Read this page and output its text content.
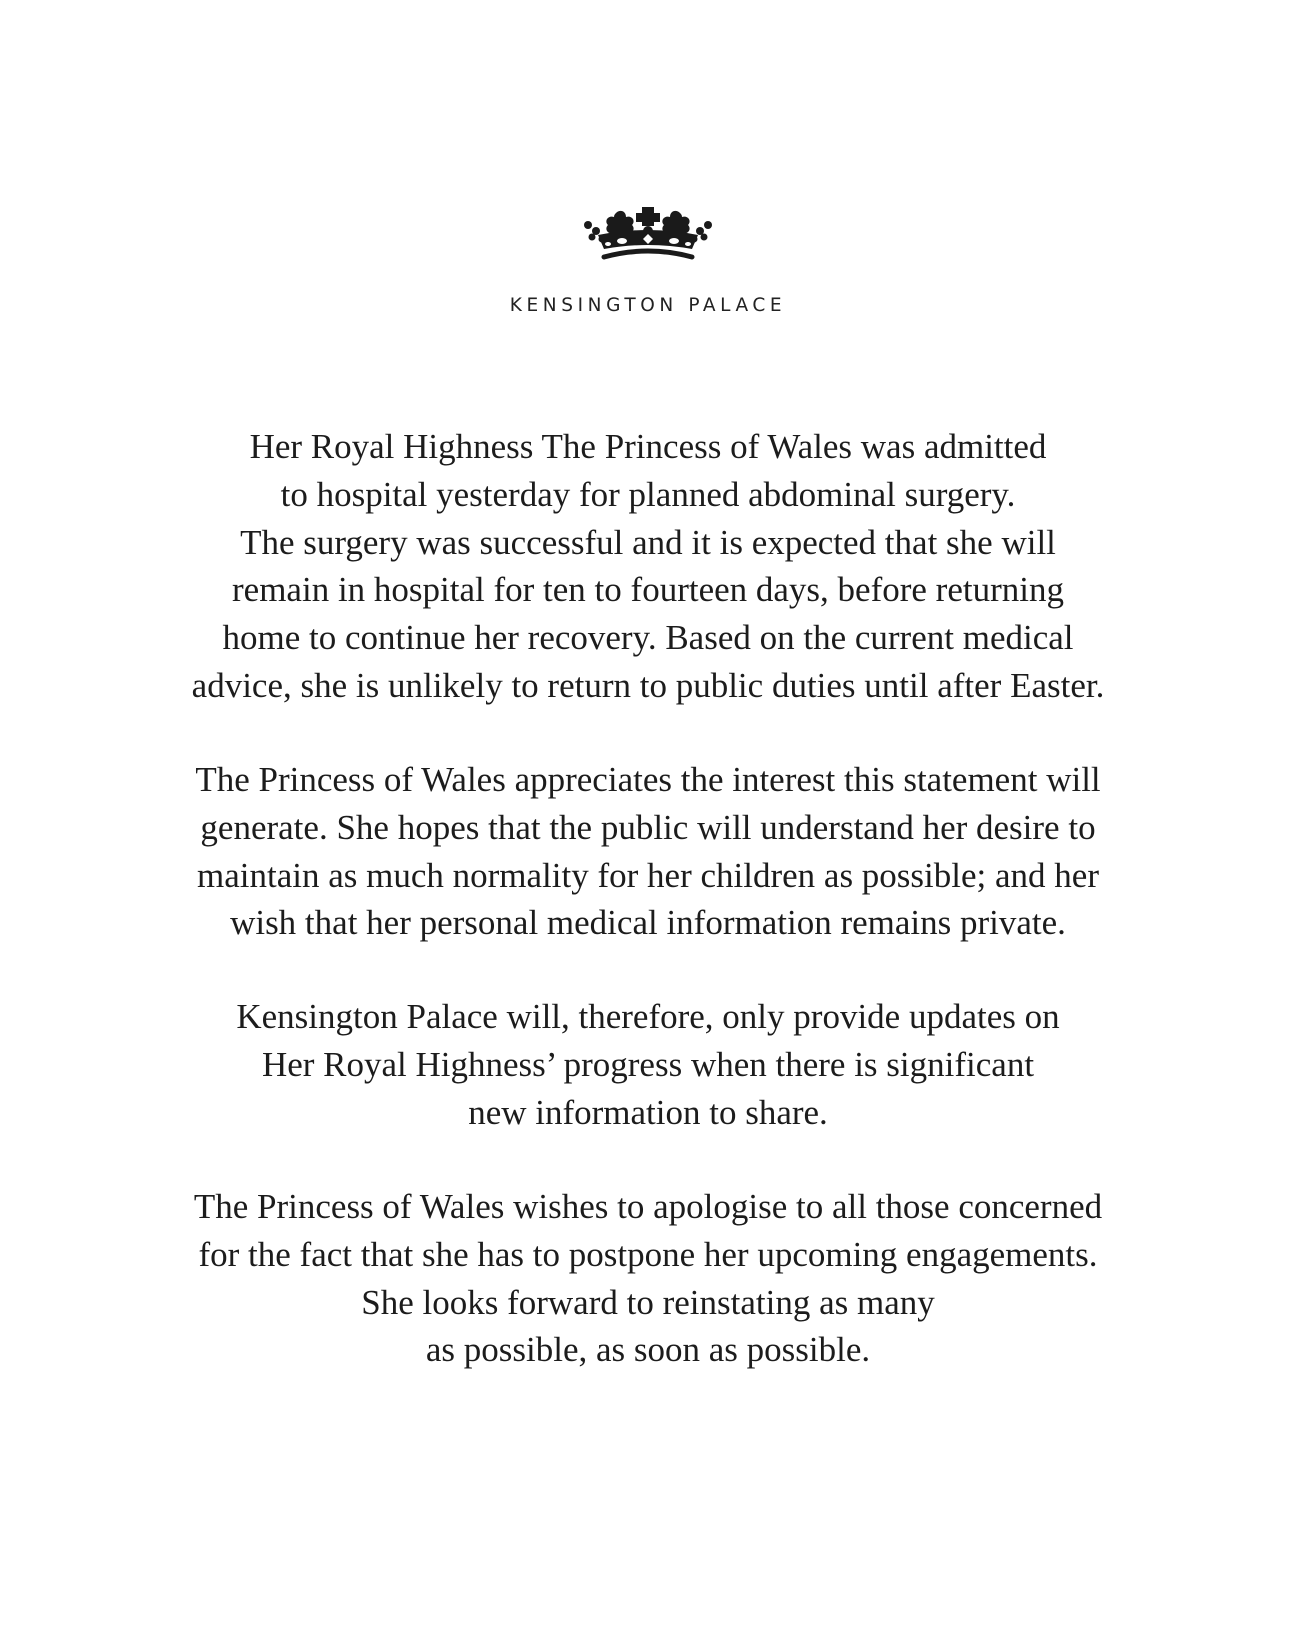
KENSINGTON PALACE
Her Royal Highness The Princess of Wales was admitted
to hospital yesterday for planned abdominal surgery.
The surgery was successful and it is expected that she will
remain in hospital for ten to fourteen days, before returning
home to continue her recovery. Based on the current medical
advice, she is unlikely to return to public duties until after Easter.
The Princess of Wales appreciates the interest this statement will
generate. She hopes that the public will understand her desire to
maintain as much normality for her children as possible; and her
wish that her personal medical information remains private.
Kensington Palace will, therefore, only provide updates on
Her Royal Highness’ progress when there is significant
new information to share.
The Princess of Wales wishes to apologise to all those concerned
for the fact that she has to postpone her upcoming engagements.
She looks forward to reinstating as many
as possible, as soon as possible.
